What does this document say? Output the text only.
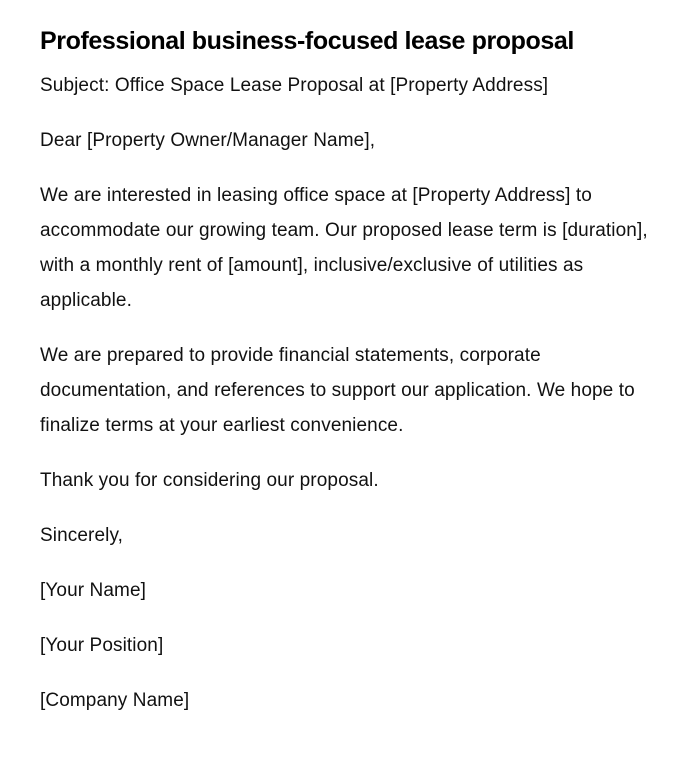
Professional business-focused lease proposal

Subject: Office Space Lease Proposal at [Property Address]

Dear [Property Owner/Manager Name],

We are interested in leasing office space at [Property Address] to accommodate our growing team. Our proposed lease term is [duration], with a monthly rent of [amount], inclusive/exclusive of utilities as applicable.

We are prepared to provide financial statements, corporate documentation, and references to support our application. We hope to finalize terms at your earliest convenience.

Thank you for considering our proposal.

Sincerely,

[Your Name]

[Your Position]

[Company Name]
